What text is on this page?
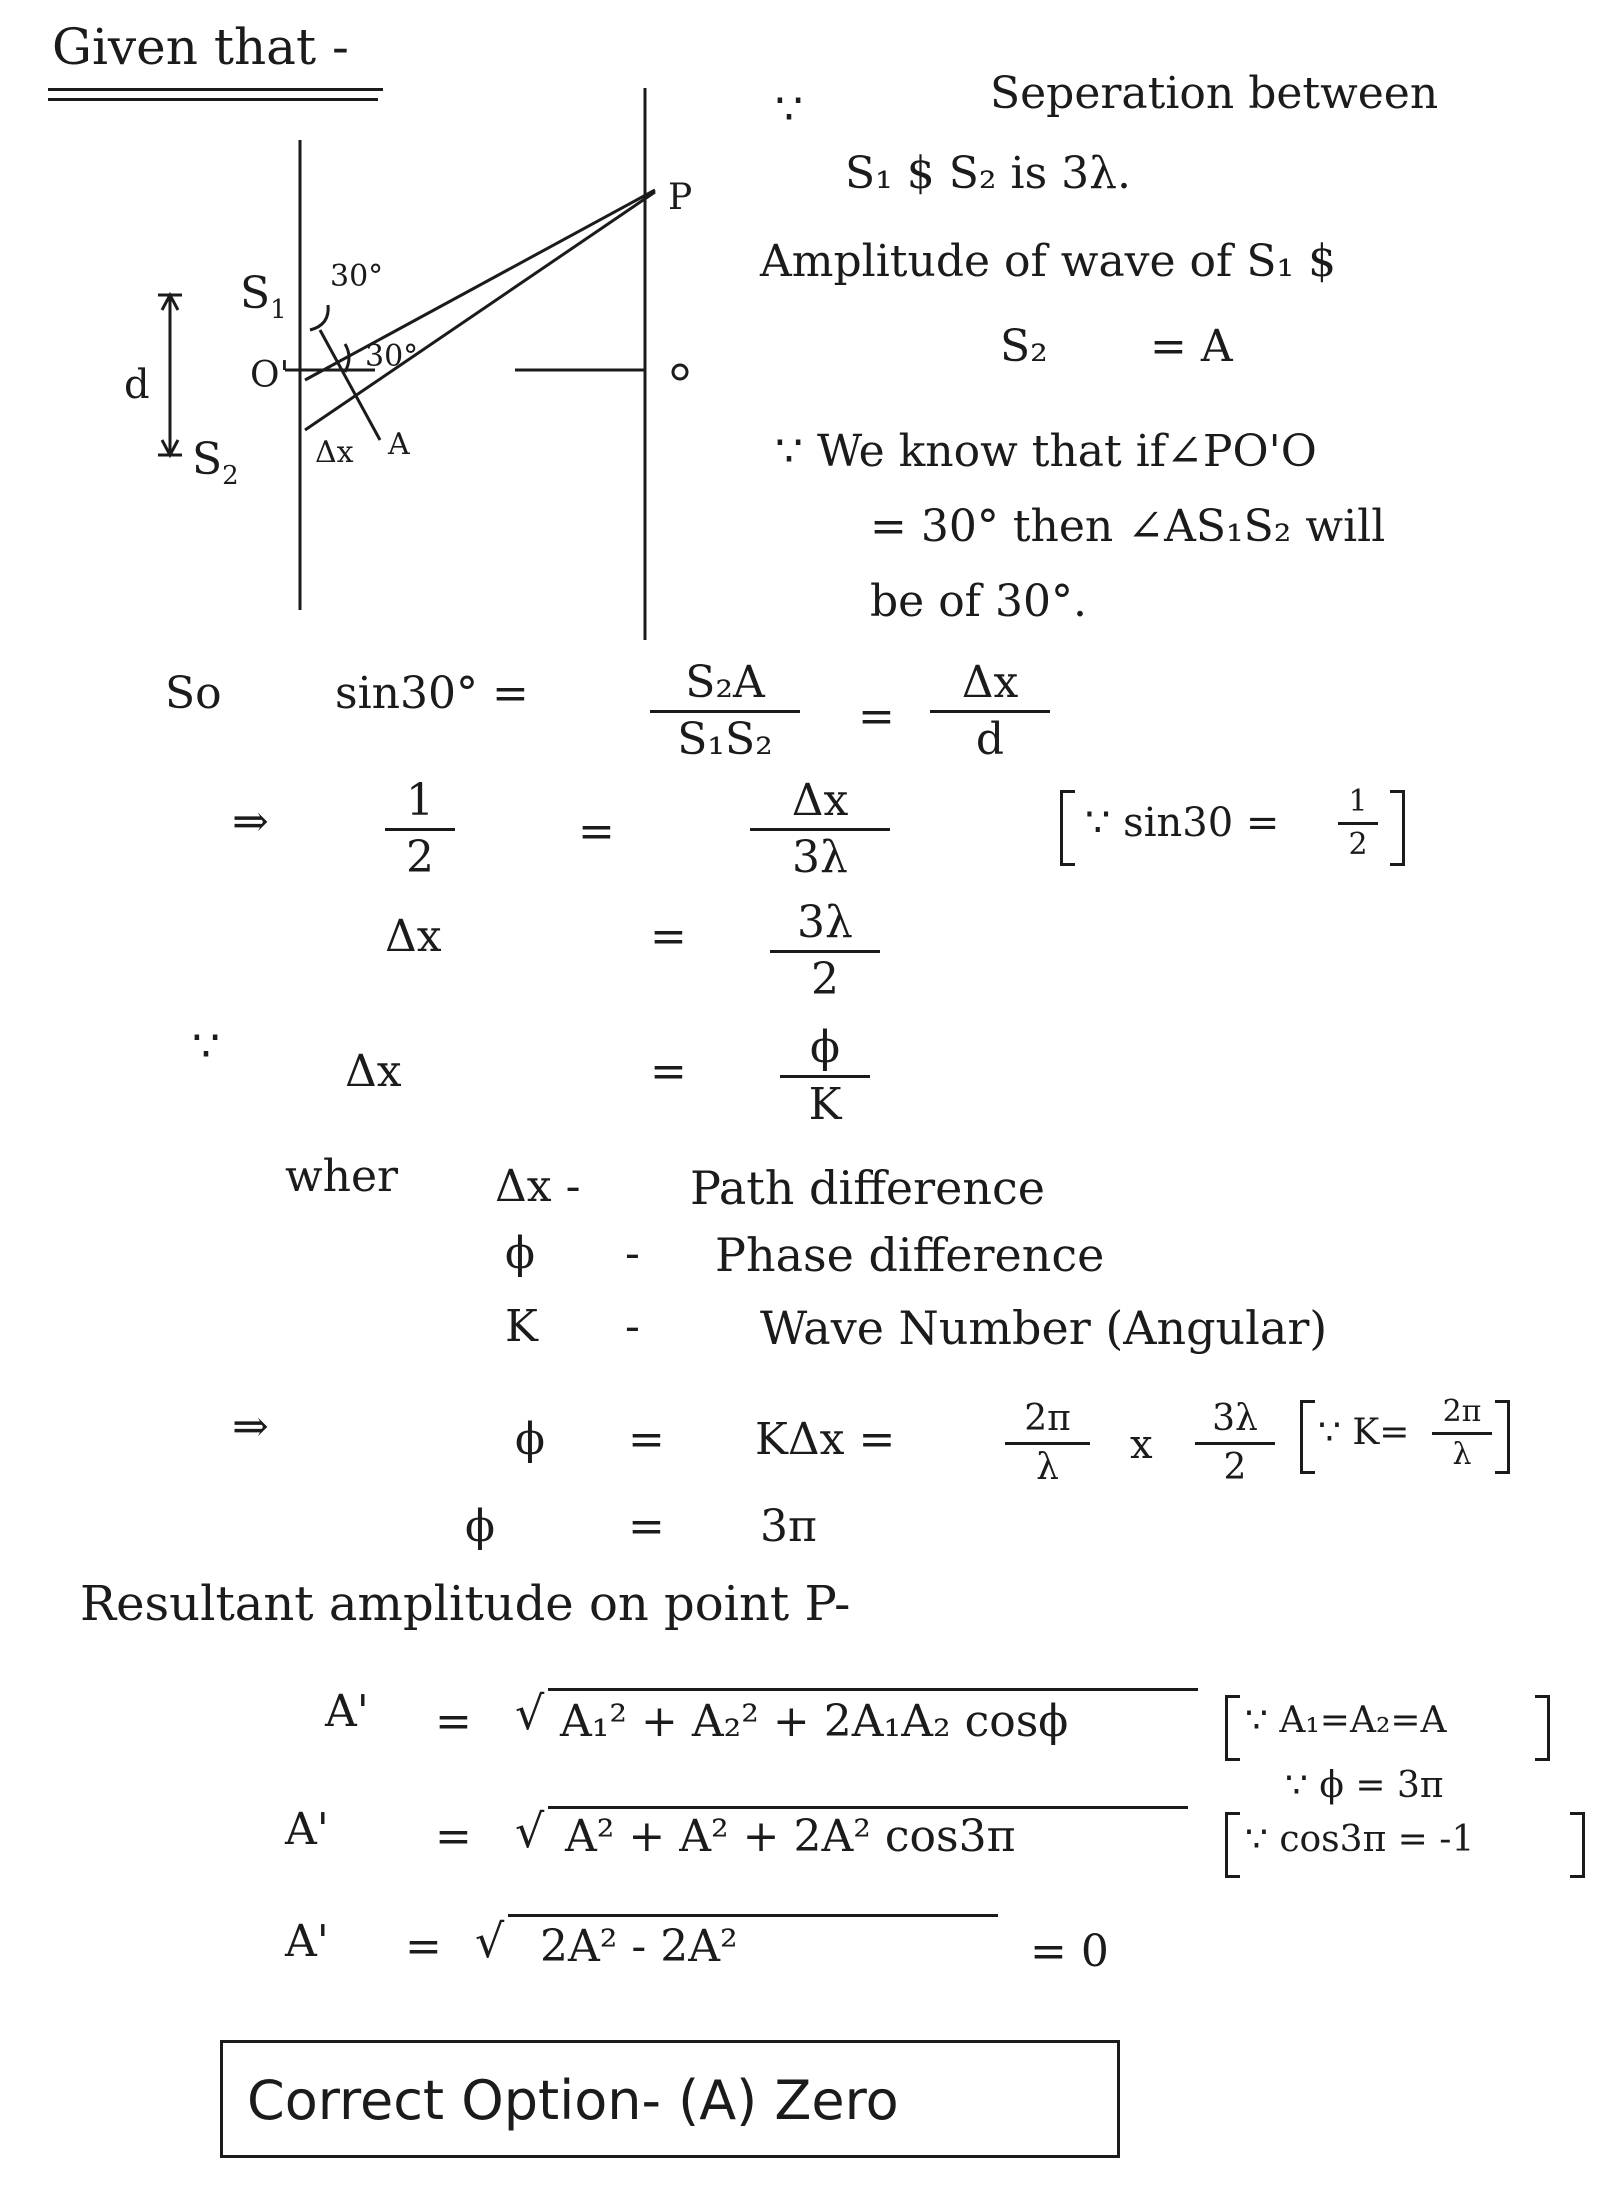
Given that -
$S_1$
$S_2$
d	O'
P
30°
30°
Δx A
∵	Seperation between
S₁ $ S₂ is 3λ.
Amplitude of wave of S₁ $
S₂ = A
∵ We know that if∠PO'O
= 30° then ∠AS₁S₂ will
be of 30°.
So	sin30° =	S₂A
S₁S₂	=
Δx
d
⇒	1
2
=
Δx
3λ
∵ sin30 =	1
2
Δx	=	3λ
2
∵	Δx	=	ϕ
K
wher Δx - Path difference
ϕ - Phase difference
K -	Wave Number (Angular)
⇒	ϕ = KΔx =	2π
λ	x
3λ
2
∵ K=
2π
λ
ϕ	= 3π
Resultant amplitude on point P-
A' = √ A₁² + A₂² + 2A₁A₂ cosϕ	∵ A₁=A₂=A
∵ ϕ = 3π
A' = √ A² + A² + 2A² cos3π	∵ cos3π = -1
A' = √ 2A² - 2A²	= 0
Correct Option- (A) Zero
